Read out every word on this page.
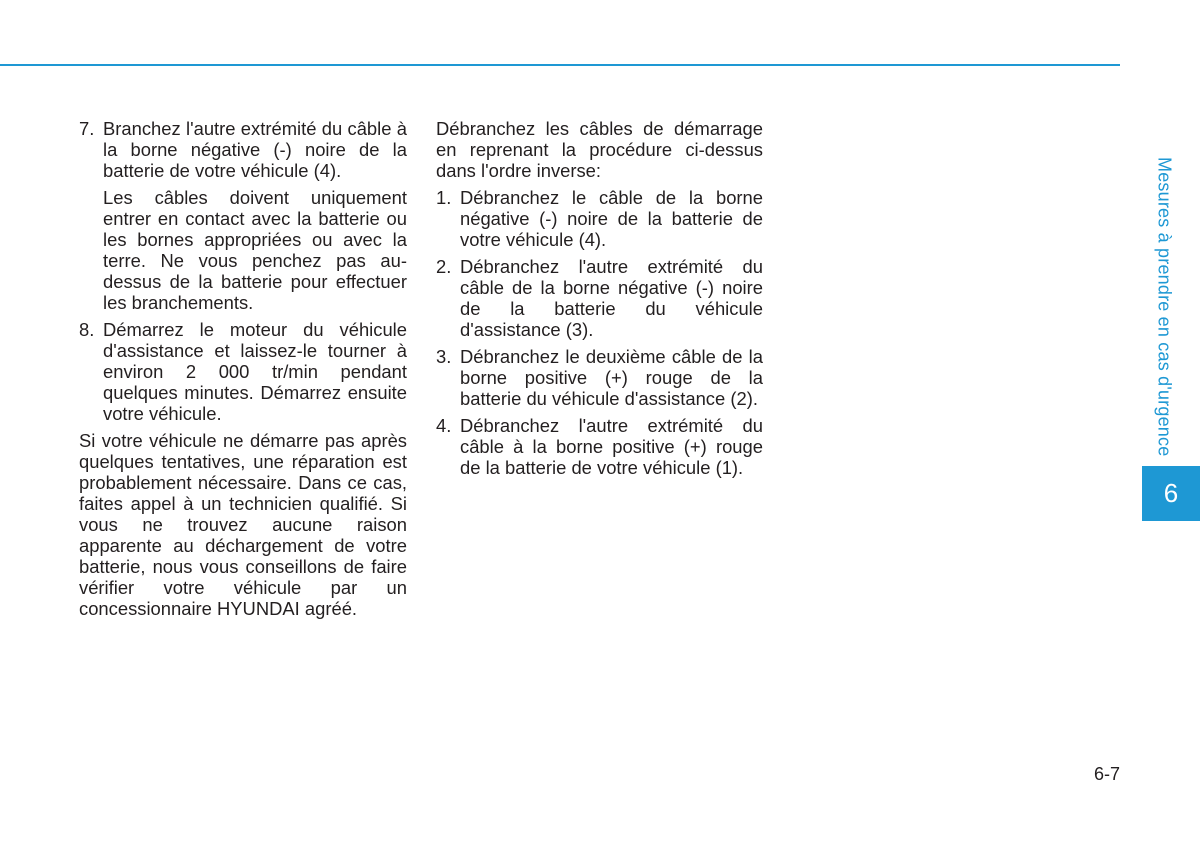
7. Branchez l'autre extrémité du câble à la borne négative (-) noire de la batterie de votre véhicule (4).

Les câbles doivent uniquement entrer en contact avec la batterie ou les bornes appropriées ou avec la terre. Ne vous penchez pas au-dessus de la batterie pour effectuer les branchements.

8. Démarrez le moteur du véhicule d'assistance et laissez-le tourner à environ 2 000 tr/min pendant quelques minutes. Démarrez ensuite votre véhicule.

Si votre véhicule ne démarre pas après quelques tentatives, une réparation est probablement nécessaire. Dans ce cas, faites appel à un technicien qualifié. Si vous ne trouvez aucune raison apparente au déchargement de votre batterie, nous vous conseillons de faire vérifier votre véhicule par un concessionnaire HYUNDAI agréé.

Débranchez les câbles de démarrage en reprenant la procédure ci-dessus dans l'ordre inverse:

1. Débranchez le câble de la borne négative (-) noire de la batterie de votre véhicule (4).
2. Débranchez l'autre extrémité du câble de la borne négative (-) noire de la batterie du véhicule d'assistance (3).
3. Débranchez le deuxième câble de la borne positive (+) rouge de la batterie du véhicule d'assistance (2).
4. Débranchez l'autre extrémité du câble à la borne positive (+) rouge de la batterie de votre véhicule (1).
Mesures à prendre en cas d'urgence
6
6-7
